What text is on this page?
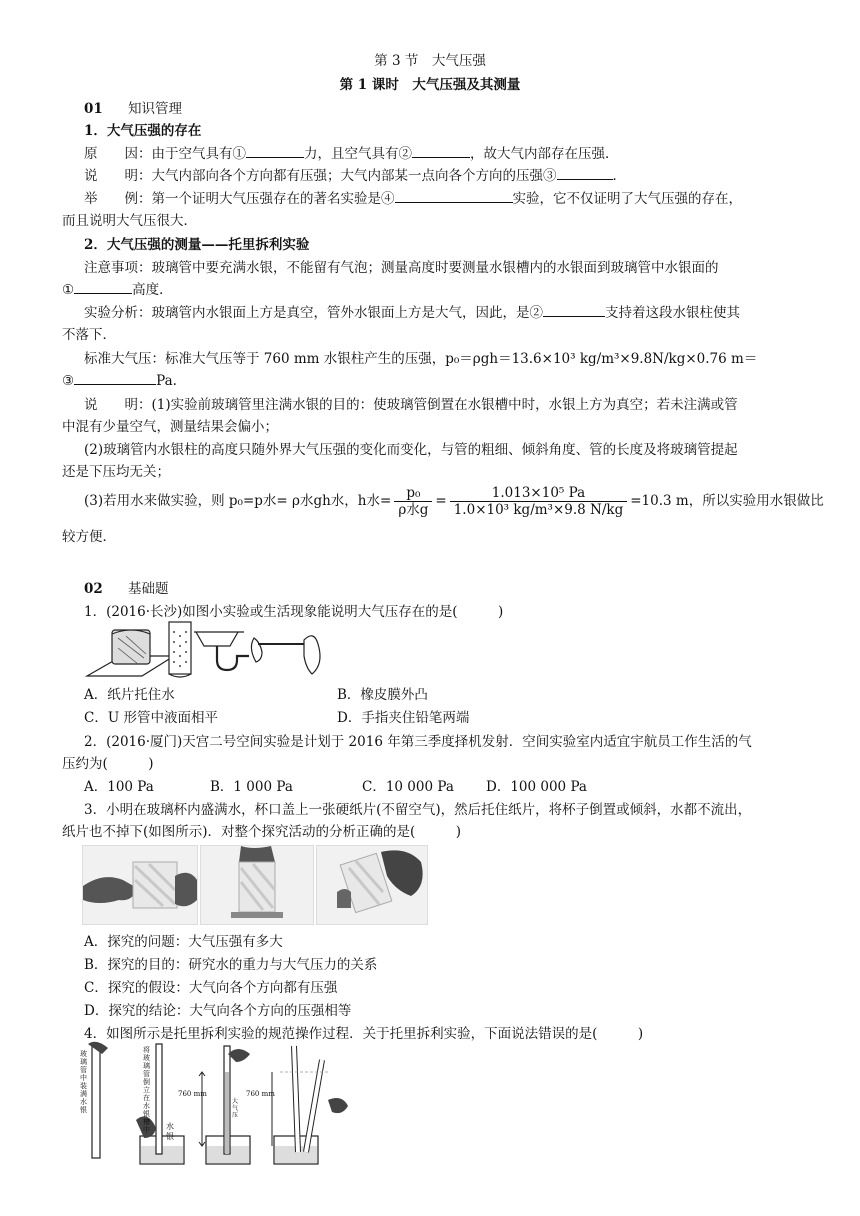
第 3 节　大气压强
第 1 课时　大气压强及其测量
01 知识管理
1．大气压强的存在
原　　因：由于空气具有①	力，且空气具有②	，故大气内部存在压强．
说　　明：大气内部向各个方向都有压强；大气内部某一点向各个方向的压强③	．
举　　例：第一个证明大气压强存在的著名实验是④	实验，它不仅证明了大气压强的存在，
而且说明大气压很大．
2．大气压强的测量——托里拆利实验
注意事项：玻璃管中要充满水银，不能留有气泡；测量高度时要测量水银槽内的水银面到玻璃管中水银面的
①	高度．
实验分析：玻璃管内水银面上方是真空，管外水银面上方是大气，因此，是②	支持着这段水银柱使其
不落下．
标准大气压：标准大气压等于 760 mm 水银柱产生的压强，p₀＝ρgh＝13.6×10³ kg/m³×9.8N/kg×0.76 m＝
③	Pa.
说　　明：(1)实验前玻璃管里注满水银的目的：使玻璃管倒置在水银槽中时，水银上方为真空；若未注满或管
中混有少量空气，测量结果会偏小；
(2)玻璃管内水银柱的高度只随外界大气压强的变化而变化，与管的粗细、倾斜角度、管的长度及将玻璃管提起
还是下压均无关；
(3)若用水来做实验，则 p₀=p水= ρ水gh水，h水= $\frac{\text{p₀}}{\text{ρ水g}} = \frac{\text{1.013×10⁵ Pa}}{\text{1.0×10³ kg/m³×9.8 N/kg}} =10.3$ m，所以实验用水银做比
较方便．
02 基础题
1．(2016·长沙)如图小实验或生活现象能说明大气压存在的是(　　　)
A．纸片托住水	B．橡皮膜外凸
C．U 形管中液面相平	D．手指夹住铅笔两端
2．(2016·厦门)天宫二号空间实验是计划于 2016 年第三季度择机发射．空间实验室内适宜宇航员工作生活的气
压约为(　　　)
A．100 Pa	B．1 000 Pa	C．10 000 Pa D．100 000 Pa
3．小明在玻璃杯内盛满水，杯口盖上一张硬纸片(不留空气)，然后托住纸片，将杯子倒置或倾斜，水都不流出，
纸片也不掉下(如图所示)．对整个探究活动的分析正确的是(　　　)
A．探究的问题：大气压强有多大
B．探究的目的：研究水的重力与大气压力的关系
C．探究的假设：大气向各个方向都有压强
D．探究的结论：大气向各个方向的压强相等
4．如图所示是托里拆利实验的规范操作过程．关于托里拆利实验，下面说法错误的是(　　　)
玻璃管中装满水银
将玻璃管倒立在水银槽中 水银
760 mm
大气压
760 mm
